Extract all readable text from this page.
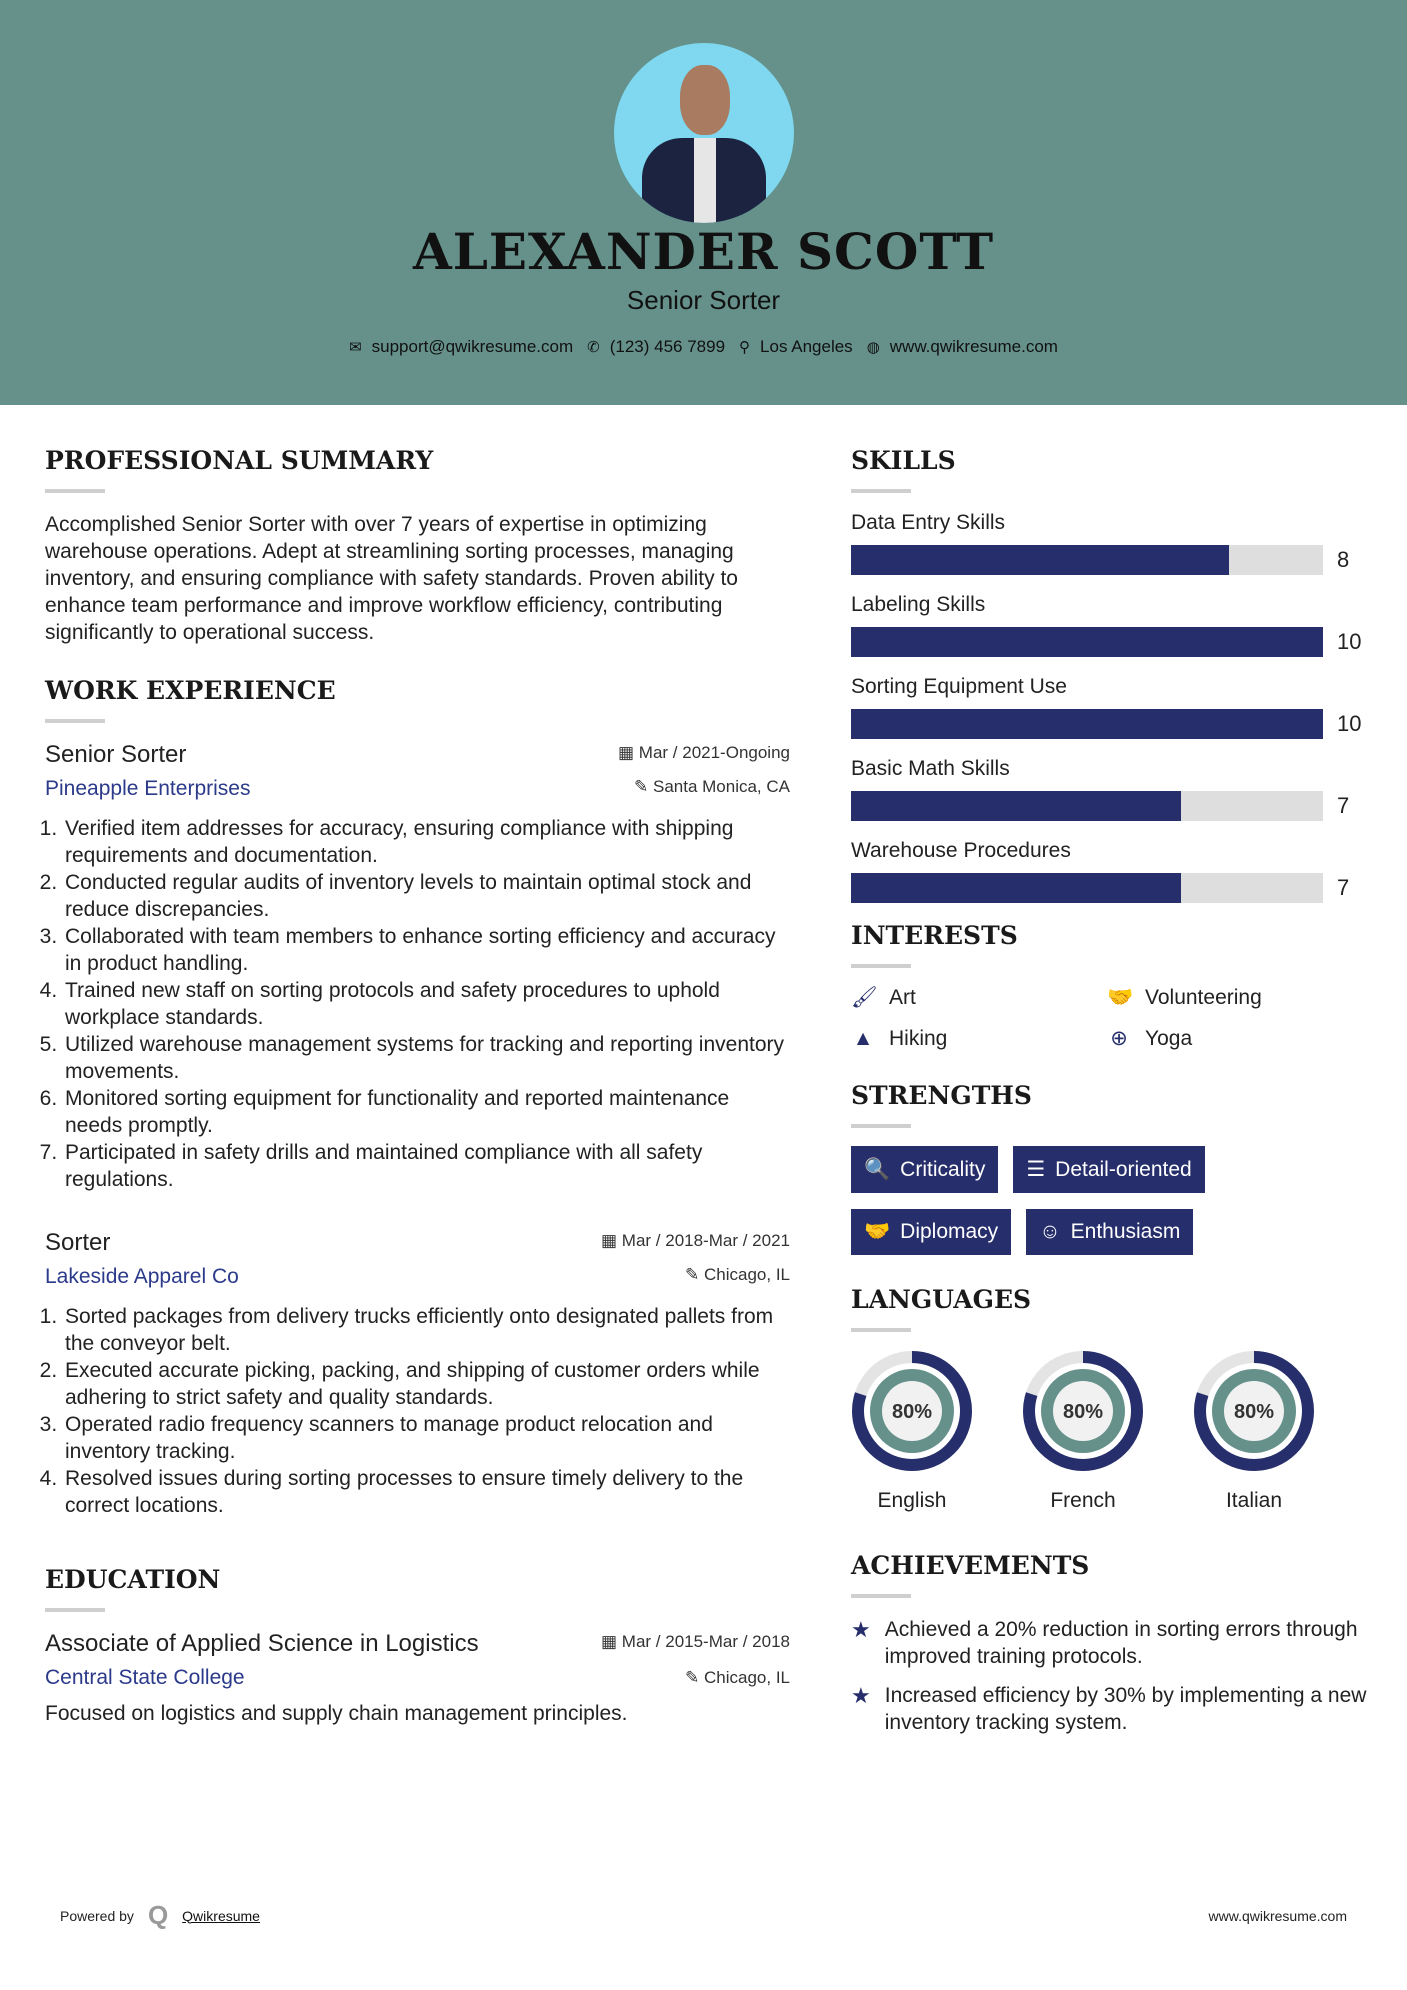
ALEXANDER SCOTT
Senior Sorter
✉ support@qwikresume.com ✆ (123) 456 7899 ⚲ Los Angeles ◍ www.qwikresume.com
PROFESSIONAL SUMMARY
Accomplished Senior Sorter with over 7 years of expertise in optimizing warehouse operations. Adept at streamlining sorting processes, managing inventory, and ensuring compliance with safety standards. Proven ability to enhance team performance and improve workflow efficiency, contributing significantly to operational success.
WORK EXPERIENCE
▦ Mar / 2021-Ongoing
✎ Santa Monica, CA
Senior Sorter
Pineapple Enterprises
1. Verified item addresses for accuracy, ensuring compliance with shipping requirements and documentation.
2. Conducted regular audits of inventory levels to maintain optimal stock and reduce discrepancies.
3. Collaborated with team members to enhance sorting efficiency and accuracy in product handling.
4. Trained new staff on sorting protocols and safety procedures to uphold workplace standards.
5. Utilized warehouse management systems for tracking and reporting inventory movements.
6. Monitored sorting equipment for functionality and reported maintenance needs promptly.
7. Participated in safety drills and maintained compliance with all safety regulations.
▦ Mar / 2018-Mar / 2021
✎ Chicago, IL
Sorter
Lakeside Apparel Co
1. Sorted packages from delivery trucks efficiently onto designated pallets from the conveyor belt.
2. Executed accurate picking, packing, and shipping of customer orders while adhering to strict safety and quality standards.
3. Operated radio frequency scanners to manage product relocation and inventory tracking.
4. Resolved issues during sorting processes to ensure timely delivery to the correct locations.
EDUCATION
▦ Mar / 2015-Mar / 2018
✎ Chicago, IL
Associate of Applied Science in Logistics
Central State College
Focused on logistics and supply chain management principles.
SKILLS
Data Entry Skills
8
Labeling Skills
10
Sorting Equipment Use
10
Basic Math Skills
7
Warehouse Procedures
7
INTERESTS
🖌 Art	🤝 Volunteering
▲ Hiking	⊕ Yoga
STRENGTHS
🔍 Criticality ☰ Detail-oriented
🤝 Diplomacy ☺ Enthusiasm
LANGUAGES
80%
English
80%
French
80%
Italian
ACHIEVEMENTS
★ Achieved a 20% reduction in sorting errors through improved training protocols.
★ Increased efficiency by 30% by implementing a new inventory tracking system.
Powered by Q Qwikresume	www.qwikresume.com
